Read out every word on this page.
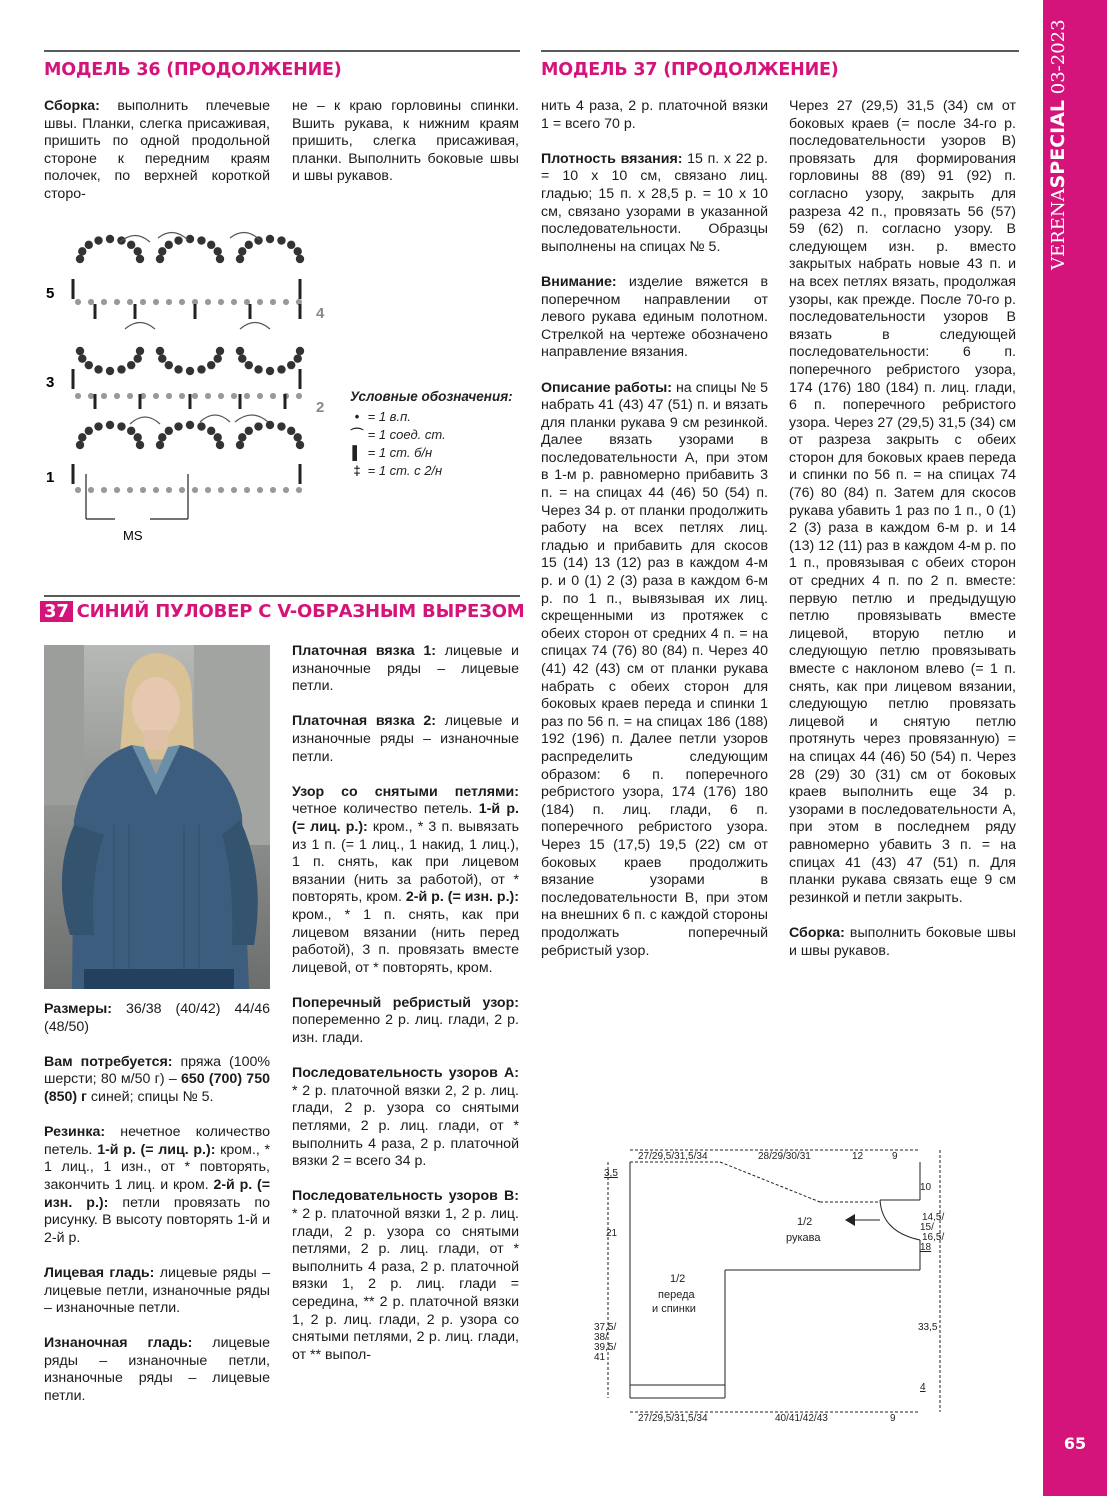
VERENASPECIAL 03-2023
65
МОДЕЛЬ 36 (ПРОДОЛЖЕНИЕ)	МОДЕЛЬ 37 (ПРОДОЛЖЕНИЕ)
Сборка: выполнить плечевые швы. Планки, слегка присаживая, пришить по одной продольной стороне к передним краям полочек, по верхней короткой сторо-
не – к краю горловины спинки. Вшить рукава, к нижним краям пришить, слегка присаживая, планки. Выполнить боковые швы и швы рукавов.
5
3
1
4
2
MS
Условные обозначения:
• = 1 в.п.
⌒ = 1 соед. ст.
▌ = 1 ст. б/н
‡ = 1 ст. с 2/н
37 СИНИЙ ПУЛОВЕР С V-ОБРАЗНЫМ ВЫРЕЗОМ

Размеры: 36/38 (40/42) 44/46 (48/50)

Вам потребуется: пряжа (100% шерсти; 80 м/50 г) – 650 (700) 750 (850) г синей; спицы № 5.

Резинка: нечетное количество петель. 1-й р. (= лиц. р.): кром., * 1 лиц., 1 изн., от * повторять, закончить 1 лиц. и кром. 2-й р. (= изн. р.): петли провязать по рисунку. В высоту повторять 1-й и 2-й р.

Лицевая гладь: лицевые ряды – лицевые петли, изнаночные ряды – изнаночные петли.

Изнаночная гладь: лицевые ряды – изнаночные петли, изнаночные ряды – лицевые петли.

Платочная вязка 1: лицевые и изнаночные ряды – лицевые петли.

Платочная вязка 2: лицевые и изнаночные ряды – изнаночные петли.

Узор со снятыми петлями: четное количество петель. 1-й р. (= лиц. р.): кром., * 3 п. вывязать из 1 п. (= 1 лиц., 1 накид, 1 лиц.), 1 п. снять, как при лицевом вязании (нить за работой), от * повторять, кром. 2-й р. (= изн. р.): кром., * 1 п. снять, как при лицевом вязании (нить перед работой), 3 п. провязать вместе лицевой, от * повторять, кром.

Поперечный ребристый узор: попеременно 2 р. лиц. глади, 2 р. изн. глади.

Последовательность узоров А: * 2 р. платочной вязки 2, 2 р. лиц. глади, 2 р. узора со снятыми петлями, 2 р. лиц. глади, от * выполнить 4 раза, 2 р. платочной вязки 2 = всего 34 р.

Последовательность узоров В: * 2 р. платочной вязки 1, 2 р. лиц. глади, 2 р. узора со снятыми петлями, 2 р. лиц. глади, от * выполнить 4 раза, 2 р. платочной вязки 1, 2 р. лиц. глади = середина, ** 2 р. платочной вязки 1, 2 р. лиц. глади, 2 р. узора со снятыми петлями, 2 р. лиц. глади, от ** выпол-

нить 4 раза, 2 р. платочной вязки 1 = всего 70 р.

Плотность вязания: 15 п. х 22 р. = 10 х 10 см, связано лиц. гладью; 15 п. х 28,5 р. = 10 х 10 см, связано узорами в указанной последовательности. Образцы выполнены на спицах № 5.

Внимание: изделие вяжется в поперечном направлении от левого рукава единым полотном. Стрелкой на чертеже обозначено направление вязания.

Описание работы: на спицы № 5 набрать 41 (43) 47 (51) п. и вязать для планки рукава 9 см резинкой. Далее вязать узорами в последовательности А, при этом в 1-м р. равномерно прибавить 3 п. = на спицах 44 (46) 50 (54) п. Через 34 р. от планки продолжить работу на всех петлях лиц. гладью и прибавить для скосов 15 (14) 13 (12) раз в каждом 4-м р. и 0 (1) 2 (3) раза в каждом 6-м р. по 1 п., вывязывая их лиц. скрещенными из протяжек с обеих сторон от средних 4 п. = на спицах 74 (76) 80 (84) п. Через 40 (41) 42 (43) см от планки рукава набрать с обеих сторон для боковых краев переда и спинки 1 раз по 56 п. = на спицах 186 (188) 192 (196) п. Далее петли узоров распределить следующим образом: 6 п. поперечного ребристого узора, 174 (176) 180 (184) п. лиц. глади, 6 п. поперечного ребристого узора. Через 15 (17,5) 19,5 (22) см от боковых краев продолжить вязание узорами в последовательности В, при этом на внешних 6 п. с каждой стороны продолжать поперечный ребристый узор.

Через 27 (29,5) 31,5 (34) см от боковых краев (= после 34-го р. последовательности узоров В) провязать для формирования горловины 88 (89) 91 (92) п. согласно узору, закрыть для разреза 42 п., провязать 56 (57) 59 (62) п. согласно узору. В следующем изн. р. вместо закрытых набрать новые 43 п. и на всех петлях вязать, продолжая узоры, как прежде. После 70-го р. последовательности узоров В вязать в следующей последовательности: 6 п. поперечного ребристого узора, 174 (176) 180 (184) п. лиц. глади, 6 п. поперечного ребристого узора. Через 27 (29,5) 31,5 (34) см от разреза закрыть с обеих сторон для боковых краев переда и спинки по 56 п. = на спицах 74 (76) 80 (84) п. Затем для скосов рукава убавить 1 раз по 1 п., 0 (1) 2 (3) раза в каждом 6-м р. и 14 (13) 12 (11) раз в каждом 4-м р. по 1 п., провязывая с обеих сторон от средних 4 п. по 2 п. вместе: первую петлю и предыдущую петлю провязывать вместе лицевой, вторую петлю и следующую петлю провязывать вместе с наклоном влево (= 1 п. снять, как при лицевом вязании, следующую петлю провязать лицевой и снятую петлю протянуть через провязанную) = на спицах 44 (46) 50 (54) п. Через 28 (29) 30 (31) см от боковых краев выполнить еще 34 р. узорами в последовательности А, при этом в последнем ряду равномерно убавить 3 п. = на спицах 41 (43) 47 (51) п. Для планки рукава связать еще 9 см резинкой и петли закрыть.

Сборка: выполнить боковые швы и швы рукавов.

27/29,5/31,5/34	28/29/30/31	12	9
27/29,5/31,5/34	40/41/42/43	9
3,5
21
37,5/
38/
39,5/
41
10
14,5/
15/
16,5/
18
33,5
4
1/2
рукава
1/2
переда
и спинки
